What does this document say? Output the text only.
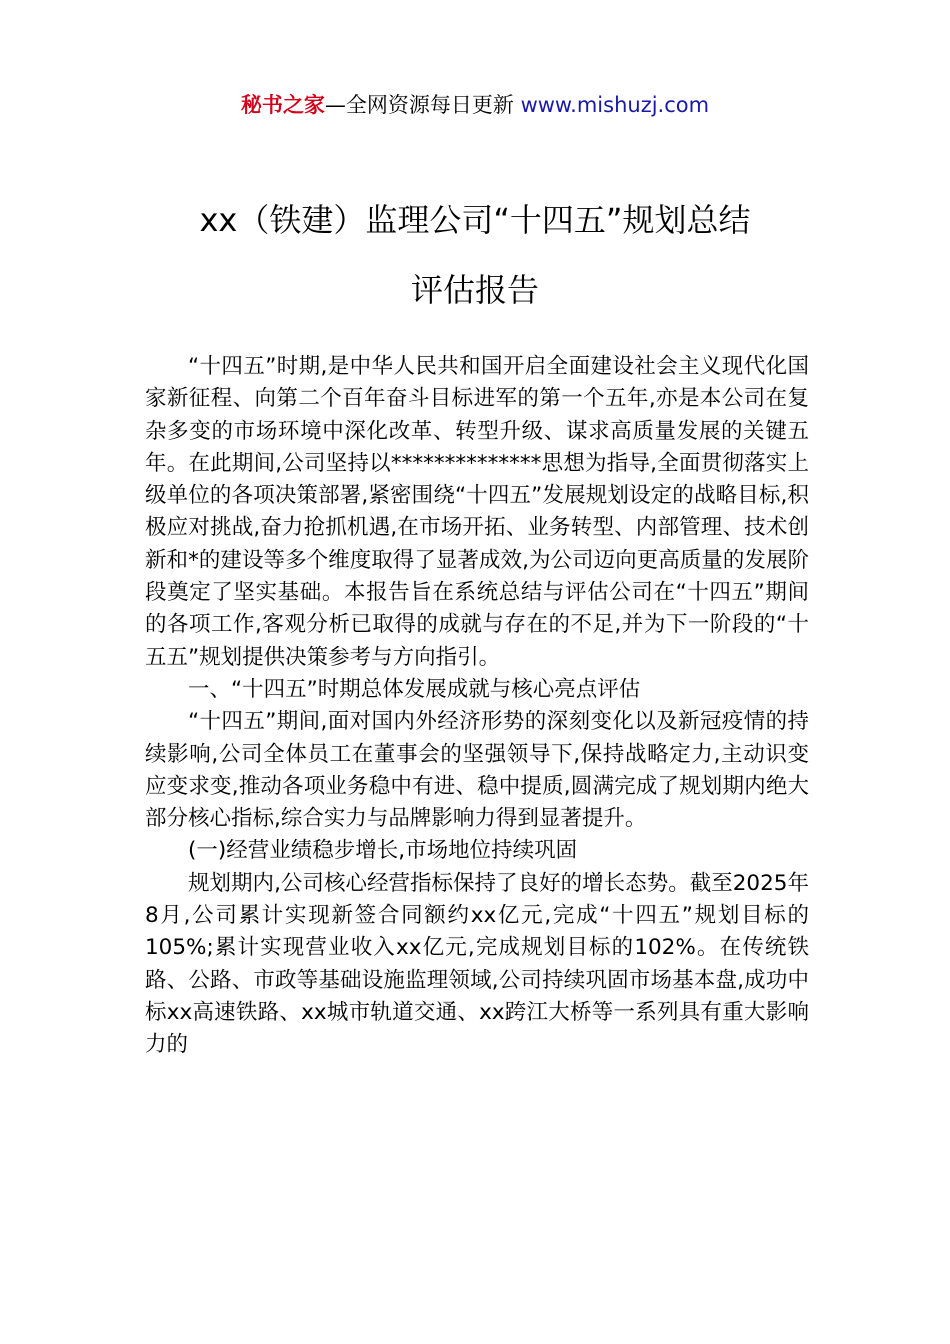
秘书之家—全网资源每日更新 www.mishuzj.com
xx（铁建）监理公司“十四五”规划总结
评估报告

“十四五”时期,是中华人民共和国开启全面建设社会主义现代化国家新征程、向第二个百年奋斗目标进军的第一个五年,亦是本公司在复杂多变的市场环境中深化改革、转型升级、谋求高质量发展的关键五年。在此期间,公司坚持以**************思想为指导,全面贯彻落实上级单位的各项决策部署,紧密围绕“十四五”发展规划设定的战略目标,积极应对挑战,奋力抢抓机遇,在市场开拓、业务转型、内部管理、技术创新和*的建设等多个维度取得了显著成效,为公司迈向更高质量的发展阶段奠定了坚实基础。本报告旨在系统总结与评估公司在“十四五”期间的各项工作,客观分析已取得的成就与存在的不足,并为下一阶段的“十五五”规划提供决策参考与方向指引。

一、“十四五”时期总体发展成就与核心亮点评估

“十四五”期间,面对国内外经济形势的深刻变化以及新冠疫情的持续影响,公司全体员工在董事会的坚强领导下,保持战略定力,主动识变应变求变,推动各项业务稳中有进、稳中提质,圆满完成了规划期内绝大部分核心指标,综合实力与品牌影响力得到显著提升。

(一)经营业绩稳步增长,市场地位持续巩固

规划期内,公司核心经营指标保持了良好的增长态势。截至2025年8月,公司累计实现新签合同额约xx亿元,完成“十四五”规划目标的105%;累计实现营业收入xx亿元,完成规划目标的102%。在传统铁路、公路、市政等基础设施监理领域,公司持续巩固市场基本盘,成功中标xx高速铁路、xx城市轨道交通、xx跨江大桥等一系列具有重大影响力的
